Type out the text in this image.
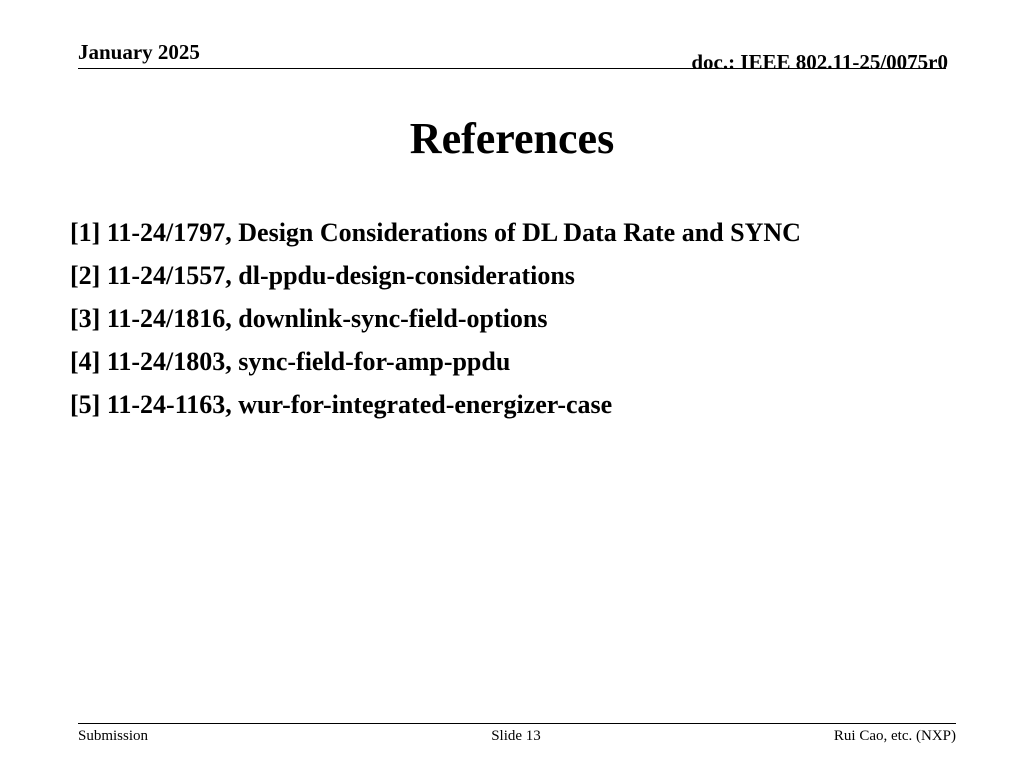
January 2025	doc.: IEEE 802.11-25/0075r0
References
[1] 11-24/1797, Design Considerations of DL Data Rate and SYNC
[2] 11-24/1557, dl-ppdu-design-considerations
[3] 11-24/1816, downlink-sync-field-options
[4] 11-24/1803, sync-field-for-amp-ppdu
[5] 11-24-1163, wur-for-integrated-energizer-case
Submission	Slide 13	Rui Cao, etc. (NXP)
